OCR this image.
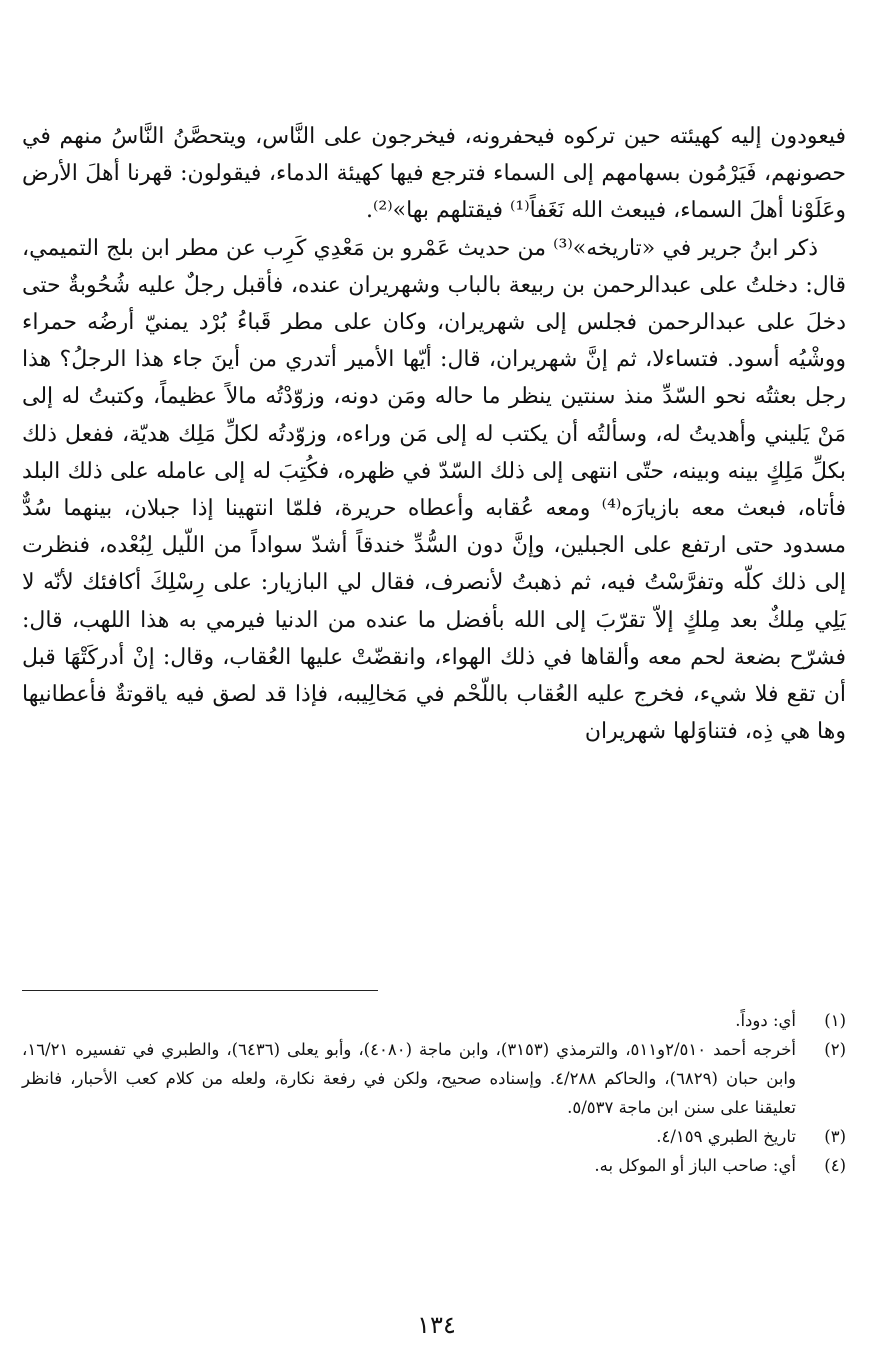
فيعودون إليه كهيئته حين تركوه فيحفرونه، فيخرجون على النَّاس، ويتحصَّنُ النَّاسُ منهم في حصونهم، فَيَرْمُون بسهامهم إلى السماء فترجع فيها كهيئة الدماء، فيقولون: قهرنا أهلَ الأرض وعَلَوْنا أهلَ السماء، فيبعث الله نَغَفاً⁽¹⁾ فيقتلهم بها»⁽²⁾.

ذكر ابنُ جرير في «تاريخه»⁽³⁾ من حديث عَمْرو بن مَعْدِي كَرِب عن مطر ابن بلج التميمي، قال: دخلتُ على عبدالرحمن بن ربيعة بالباب وشهريران عنده، فأقبل رجلٌ عليه شُحُوبةٌ حتى دخلَ على عبدالرحمن فجلس إلى شهريران، وكان على مطر قَباءُ بُرْد يمنيّ أرضُه حمراء ووشْيُه أسود. فتساءلا، ثم إنَّ شهريران، قال: أيّها الأمير أتدري من أينَ جاء هذا الرجلُ؟ هذا رجل بعثتُه نحو السّدِّ منذ سنتين ينظر ما حاله ومَن دونه، وزوّدْتُه مالاً عظيماً، وكتبتُ له إلى مَنْ يَليني وأهديتُ له، وسألتُه أن يكتب له إلى مَن وراءه، وزوّدتُه لكلِّ مَلِك هديّة، ففعل ذلك بكلِّ مَلِكٍ بينه وبينه، حتّى انتهى إلى ذلك السّدّ في ظهره، فكُتِبَ له إلى عامله على ذلك البلد فأتاه، فبعث معه بازيارَه⁽⁴⁾ ومعه عُقابه وأعطاه حريرة، فلمّا انتهينا إذا جبلان، بينهما سُدٌّ مسدود حتى ارتفع على الجبلين، وإنَّ دون السُّدِّ خندقاً أشدّ سواداً من اللّيل لِبُعْده، فنظرت إلى ذلك كلّه وتفرَّسْتُ فيه، ثم ذهبتُ لأنصرف، فقال لي البازيار: على رِسْلِكَ أكافئك لأنّه لا يَلِي مِلكٌ بعد مِلكٍ إلاّ تقرّبَ إلى الله بأفضل ما عنده من الدنيا فيرمي به هذا اللهب، قال: فشرّح بضعة لحم معه وألقاها في ذلك الهواء، وانقضّتْ عليها العُقاب، وقال: إنْ أدركَتْهَا قبل أن تقع فلا شيء، فخرج عليه العُقاب باللّحْم في مَخالِيبه، فإذا قد لصق فيه ياقوتةٌ فأعطانيها وها هي ذِه، فتناوَلها شهريران

(١)
أي: دوداً.
(٢)
أخرجه أحمد ٢/٥١٠و٥١١، والترمذي (٣١٥٣)، وابن ماجة (٤٠٨٠)، وأبو يعلى (٦٤٣٦)، والطبري في تفسيره ١٦/٢١، وابن حبان (٦٨٢٩)، والحاكم ٤/٢٨٨. وإسناده صحيح، ولكن في رفعة نكارة، ولعله من كلام كعب الأحبار، فانظر تعليقنا على سنن ابن ماجة ٥/٥٣٧.
(٣)
تاريخ الطبري ٤/١٥٩.
(٤)
أي: صاحب الباز أو الموكل به.
١٣٤
